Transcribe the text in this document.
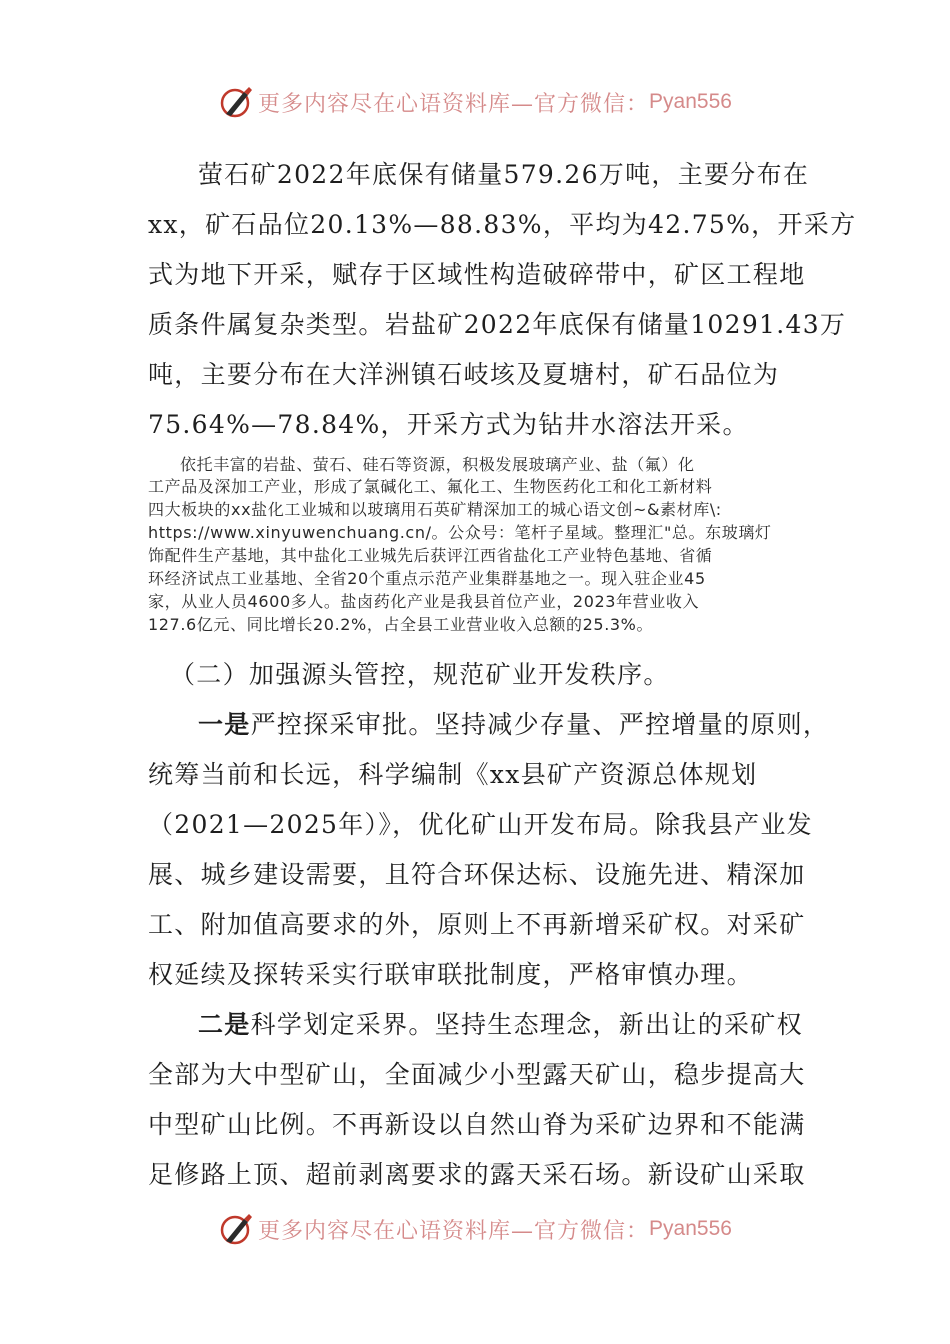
更多内容尽在心语资料库—官方微信： Pyan556
萤石矿2022年底保有储量579.26万吨，主要分布在
xx，矿石品位20.13%—88.83%，平均为42.75%，开采方
式为地下开采，赋存于区域性构造破碎带中，矿区工程地
质条件属复杂类型。岩盐矿2022年底保有储量10291.43万
吨，主要分布在大洋洲镇石岐垓及夏塘村，矿石品位为
75.64%—78.84%，开采方式为钻井水溶法开采。
依托丰富的岩盐、萤石、硅石等资源，积极发展玻璃产业、盐（氟）化
工产品及深加工产业，形成了氯碱化工、氟化工、生物医药化工和化工新材料
四大板块的xx盐化工业城和以玻璃用石英矿精深加工的城心语文创~&素材库\:
https://www.xinyuwenchuang.cn/。公众号：笔杆子星域。整理汇"总。东玻璃灯
饰配件生产基地，其中盐化工业城先后获评江西省盐化工产业特色基地、省循
环经济试点工业基地、全省20个重点示范产业集群基地之一。现入驻企业45
家，从业人员4600多人。盐卤药化产业是我县首位产业，2023年营业收入
127.6亿元、同比增长20.2%，占全县工业营业收入总额的25.3%。
（二）加强源头管控，规范矿业开发秩序。
一是严控探采审批。坚持减少存量、严控增量的原则，
统筹当前和长远，科学编制《xx县矿产资源总体规划
（2021—2025年）》，优化矿山开发布局。除我县产业发
展、城乡建设需要，且符合环保达标、设施先进、精深加
工、附加值高要求的外，原则上不再新增采矿权。对采矿
权延续及探转采实行联审联批制度，严格审慎办理。
二是科学划定采界。坚持生态理念，新出让的采矿权
全部为大中型矿山，全面减少小型露天矿山，稳步提高大
中型矿山比例。不再新设以自然山脊为采矿边界和不能满
足修路上顶、超前剥离要求的露天采石场。新设矿山采取
更多内容尽在心语资料库—官方微信： Pyan556
